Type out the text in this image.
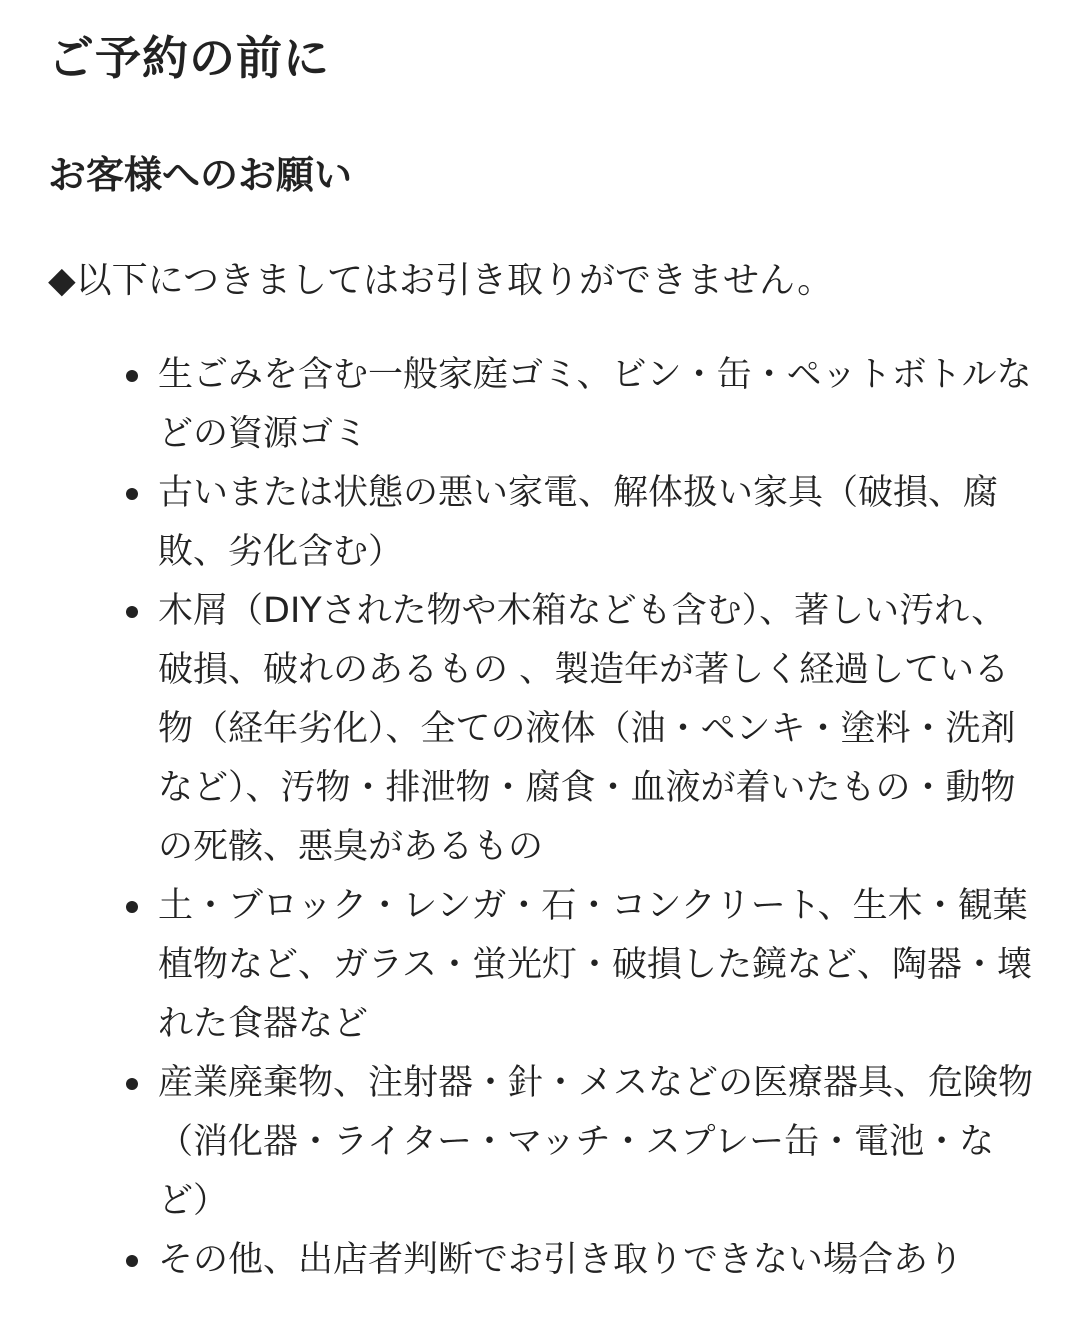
ご予約の前に
お客様へのお願い

◆以下につきましてはお引き取りができません。

生ごみを含む一般家庭ゴミ、ビン・缶・ペットボトルなどの資源ゴミ
古いまたは状態の悪い家電、解体扱い家具（破損、腐敗、劣化含む）
木屑（DIYされた物や木箱なども含む）、著しい汚れ、破損、破れのあるもの 、製造年が著しく経過している物（経年劣化）、全ての液体（油・ペンキ・塗料・洗剤など）、汚物・排泄物・腐食・血液が着いたもの・動物の死骸、悪臭があるもの
土・ブロック・レンガ・石・コンクリート、生木・観葉植物など、ガラス・蛍光灯・破損した鏡など、陶器・壊れた食器など
産業廃棄物、注射器・針・メスなどの医療器具、危険物（消化器・ライター・マッチ・スプレー缶・電池・など）
その他、出店者判断でお引き取りできない場合あり
